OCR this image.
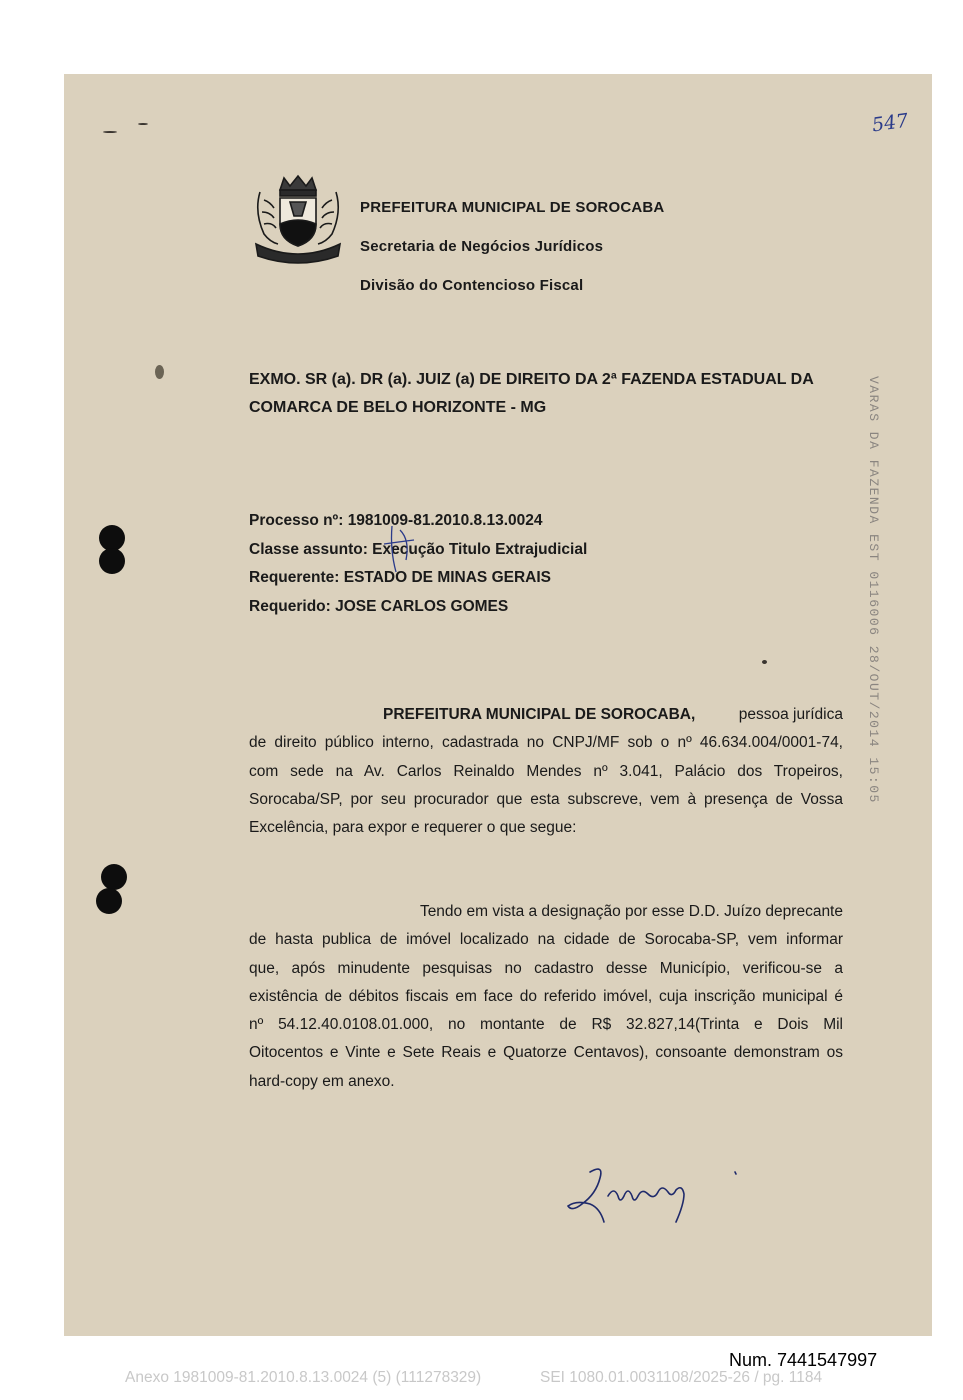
547
PREFEITURA MUNICIPAL DE SOROCABA
Secretaria de Negócios Jurídicos
Divisão do Contencioso Fiscal
EXMO. SR (a). DR (a). JUIZ (a) DE DIREITO DA 2ª FAZENDA ESTADUAL DA
COMARCA DE BELO HORIZONTE - MG
Processo nº: 1981009-81.2010.8.13.0024
Classe assunto: Execução Titulo Extrajudicial
Requerente: ESTADO DE MINAS GERAIS
Requerido: JOSE CARLOS GOMES
PREFEITURA MUNICIPAL DE SOROCABA,	pessoa jurídica
de direito público interno, cadastrada no CNPJ/MF sob o nº 46.634.004/0001-74,
com sede na Av. Carlos Reinaldo Mendes nº 3.041, Palácio dos Tropeiros,
Sorocaba/SP, por seu procurador que esta subscreve, vem à presença de Vossa
Excelência, para expor e requerer o que segue:
Tendo em vista a designação por esse D.D. Juízo deprecante
de hasta publica de imóvel localizado na cidade de Sorocaba-SP, vem informar
que, após minudente pesquisas no cadastro desse Município, verificou-se a
existência de débitos fiscais em face do referido imóvel, cuja inscrição municipal é
nº 54.12.40.0108.01.000, no montante de R$ 32.827,14(Trinta e Dois Mil
Oitocentos e Vinte e Sete Reais e Quatorze Centavos), consoante demonstram os
hard-copy em anexo.
VARAS DA FAZENDA EST 0116006 28/OUT/2014 15:05
Num. 7441547997
Anexo 1981009-81.2010.8.13.0024 (5) (111278329)	SEI 1080.01.0031108/2025-26 / pg. 1184
